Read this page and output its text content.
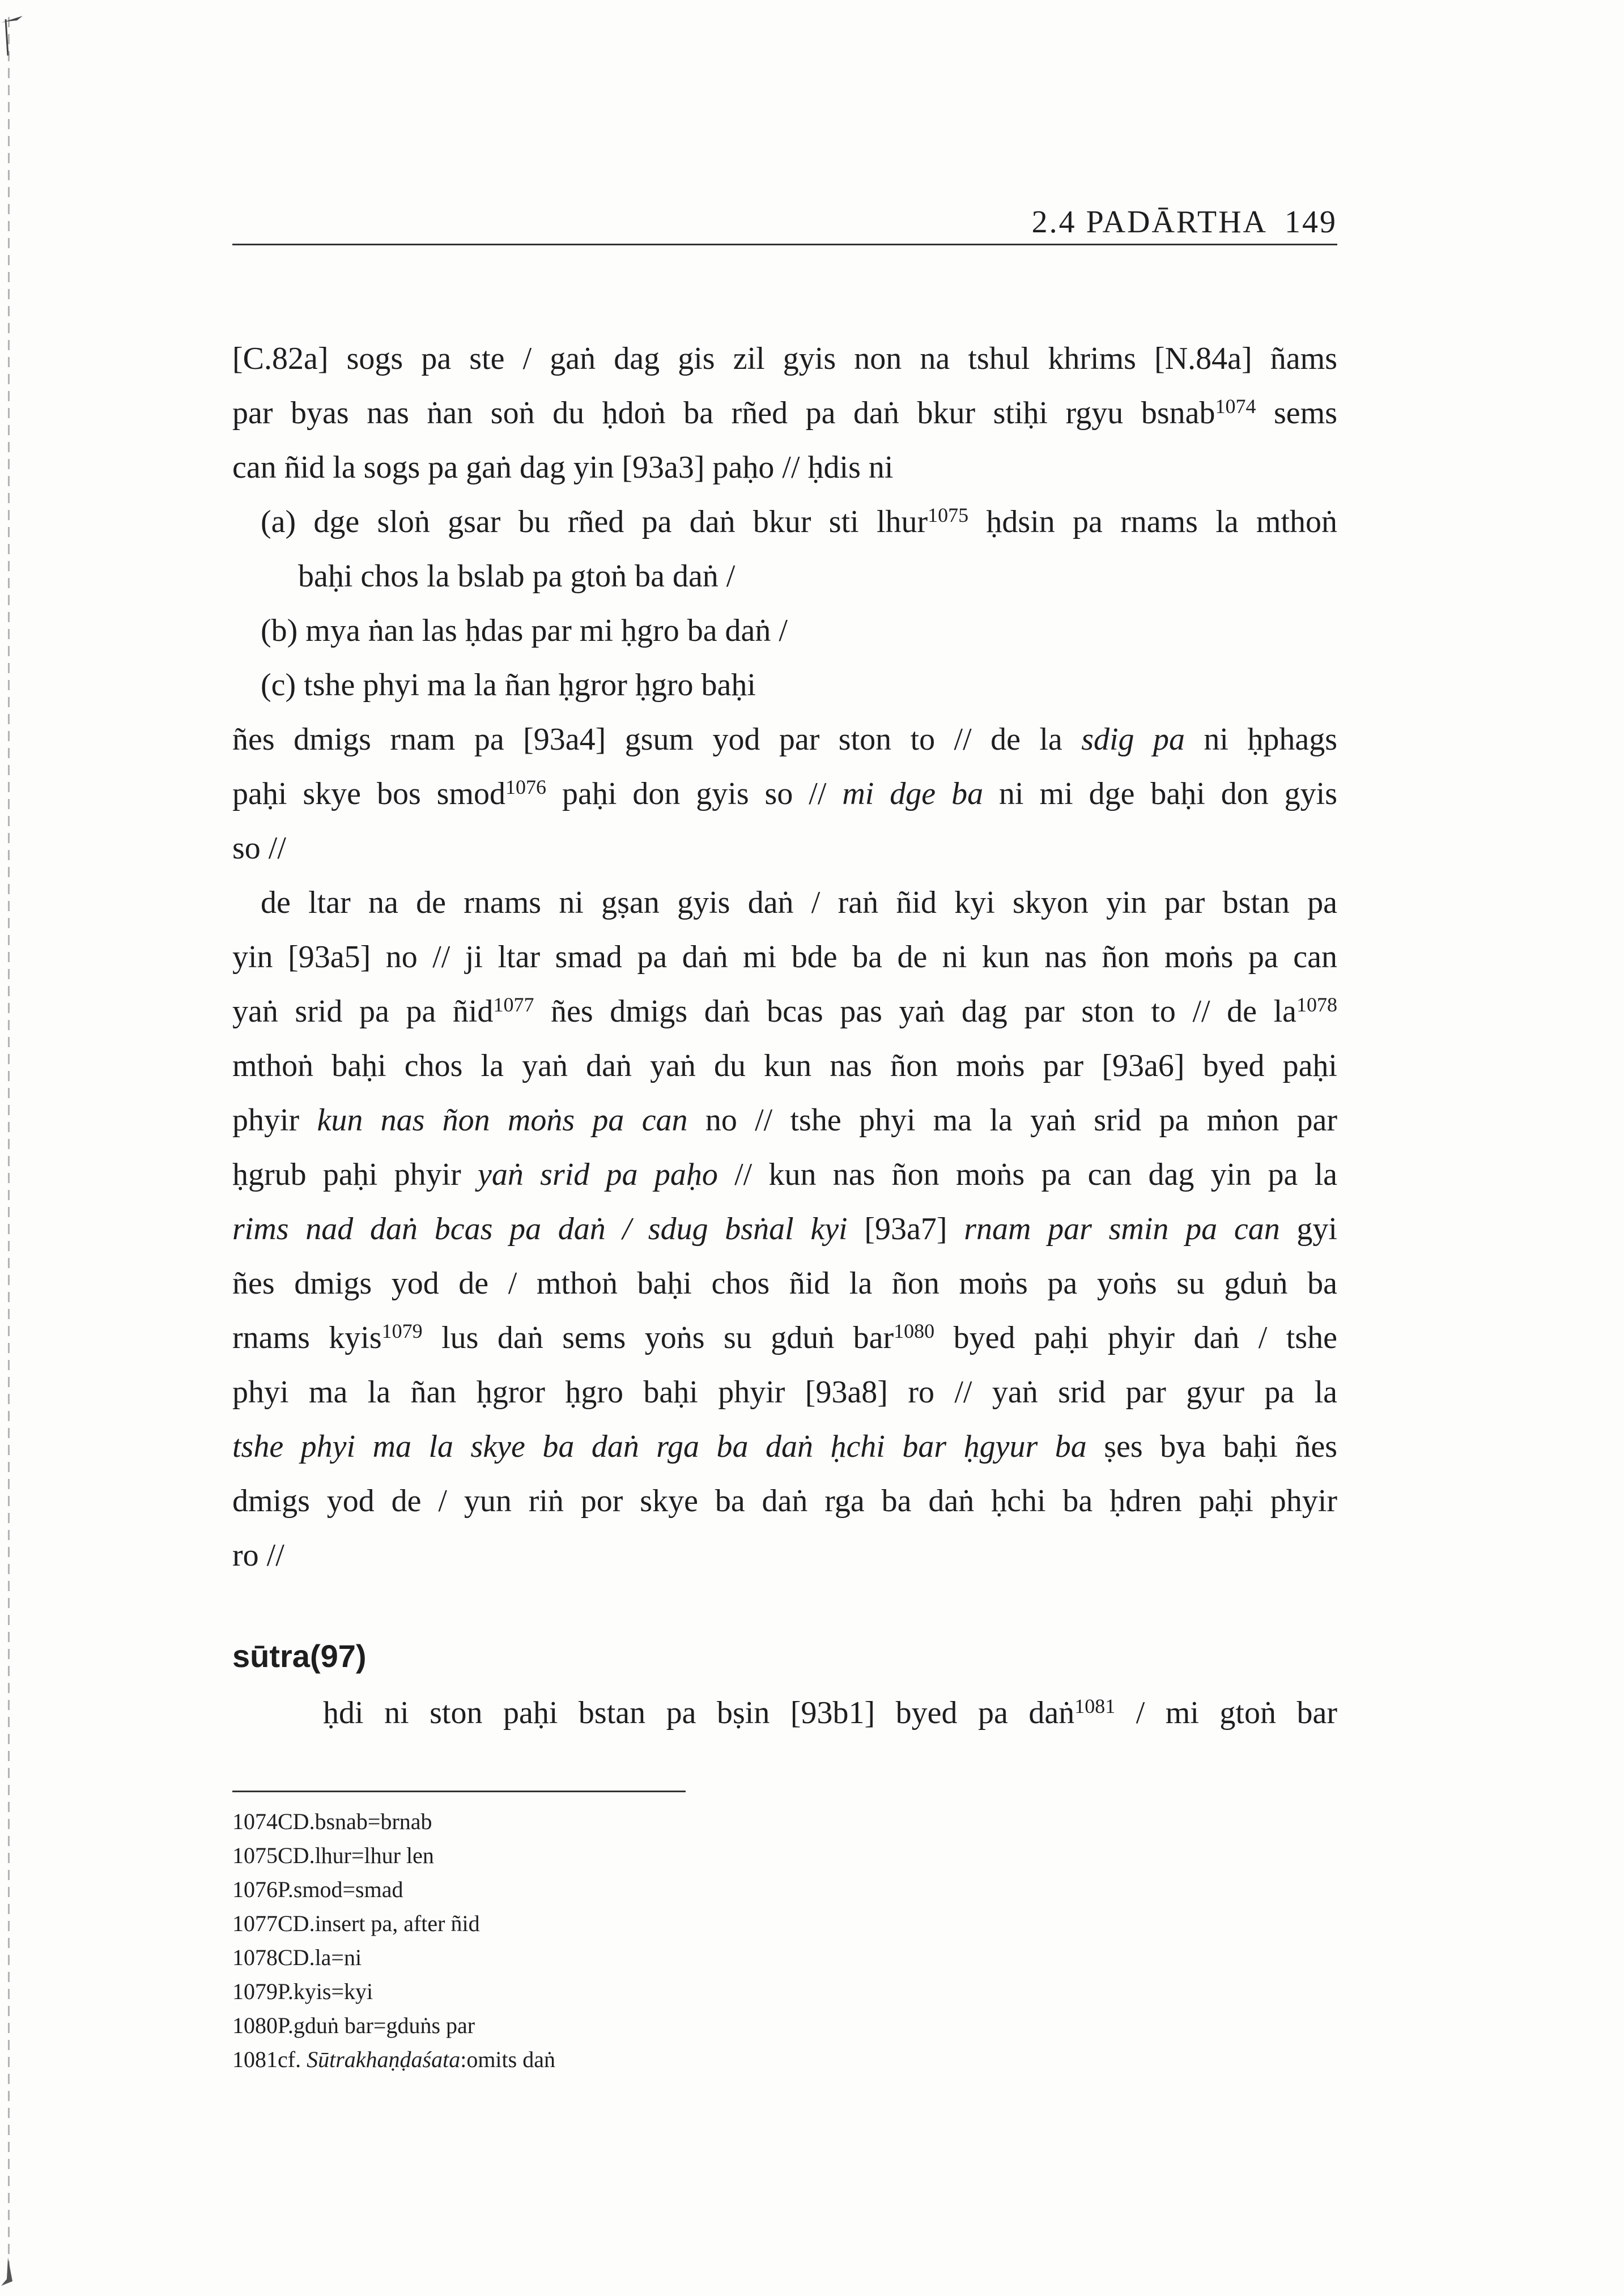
2.4 PADĀRTHA 149
[C.82a] sogs pa ste / gaṅ dag gis zil gyis non na tshul khrims [N.84a] ñams
par byas nas ṅan soṅ du ḥdoṅ ba rñed pa daṅ bkur stiḥi rgyu bsnab$^{1074}$ sems
can ñid la sogs pa gaṅ dag yin [93a3] paḥo // ḥdis ni
(a) dge sloṅ gsar bu rñed pa daṅ bkur sti lhur$^{1075}$ ḥdsin pa rnams la mthoṅ
baḥi chos la bslab pa gtoṅ ba daṅ /
(b) mya ṅan las ḥdas par mi ḥgro ba daṅ /
(c) tshe phyi ma la ñan ḥgror ḥgro baḥi
ñes dmigs rnam pa [93a4] gsum yod par ston to // de la sdig pa ni ḥphags
paḥi skye bos smod$^{1076}$ paḥi don gyis so // mi dge ba ni mi dge baḥi don gyis
so //
de ltar na de rnams ni gṣan gyis daṅ / raṅ ñid kyi skyon yin par bstan pa
yin [93a5] no // ji ltar smad pa daṅ mi bde ba de ni kun nas ñon moṅs pa can
yaṅ srid pa pa ñid$^{1077}$ ñes dmigs daṅ bcas pas yaṅ dag par ston to // de $la^{1078}$
mthoṅ baḥi chos la yaṅ daṅ yaṅ du kun nas ñon moṅs par [93a6] byed paḥi
phyir kun nas ñon moṅs pa can no // tshe phyi ma la yaṅ srid pa mṅon par
ḥgrub paḥi phyir yaṅ srid pa paḥo // kun nas ñon moṅs pa can dag yin pa la
rims nad daṅ bcas pa daṅ / sdug bsṅal kyi [93a7] rnam par smin pa can gyi
ñes dmigs yod de / mthoṅ baḥi chos ñid la ñon moṅs pa yoṅs su gduṅ ba
rnams kyis$^{1079}$ lus daṅ sems yoṅs su gduṅ bar$^{1080}$ byed paḥi phyir daṅ / tshe
phyi ma la ñan ḥgror ḥgro baḥi phyir [93a8] ro // yaṅ srid par gyur pa la
tshe phyi ma la skye ba daṅ rga ba daṅ ḥchi bar ḥgyur ba ṣes bya baḥi ñes
dmigs yod de / yun riṅ por skye ba daṅ rga ba daṅ ḥchi ba ḥdren paḥi phyir
ro //
sūtra(97)
ḥdi ni ston paḥi bstan pa bṣin [93b1] byed pa daṅ$^{1081}$ / mi gtoṅ bar
1074CD.bsnab=brnab
1075CD.lhur=lhur len
1076P.smod=smad
1077CD.insert pa, after ñid
1078CD.la=ni
1079P.kyis=kyi
1080P.gduṅ bar=gduṅs par
1081cf. Sūtrakhaṇḍaśata:omits daṅ
